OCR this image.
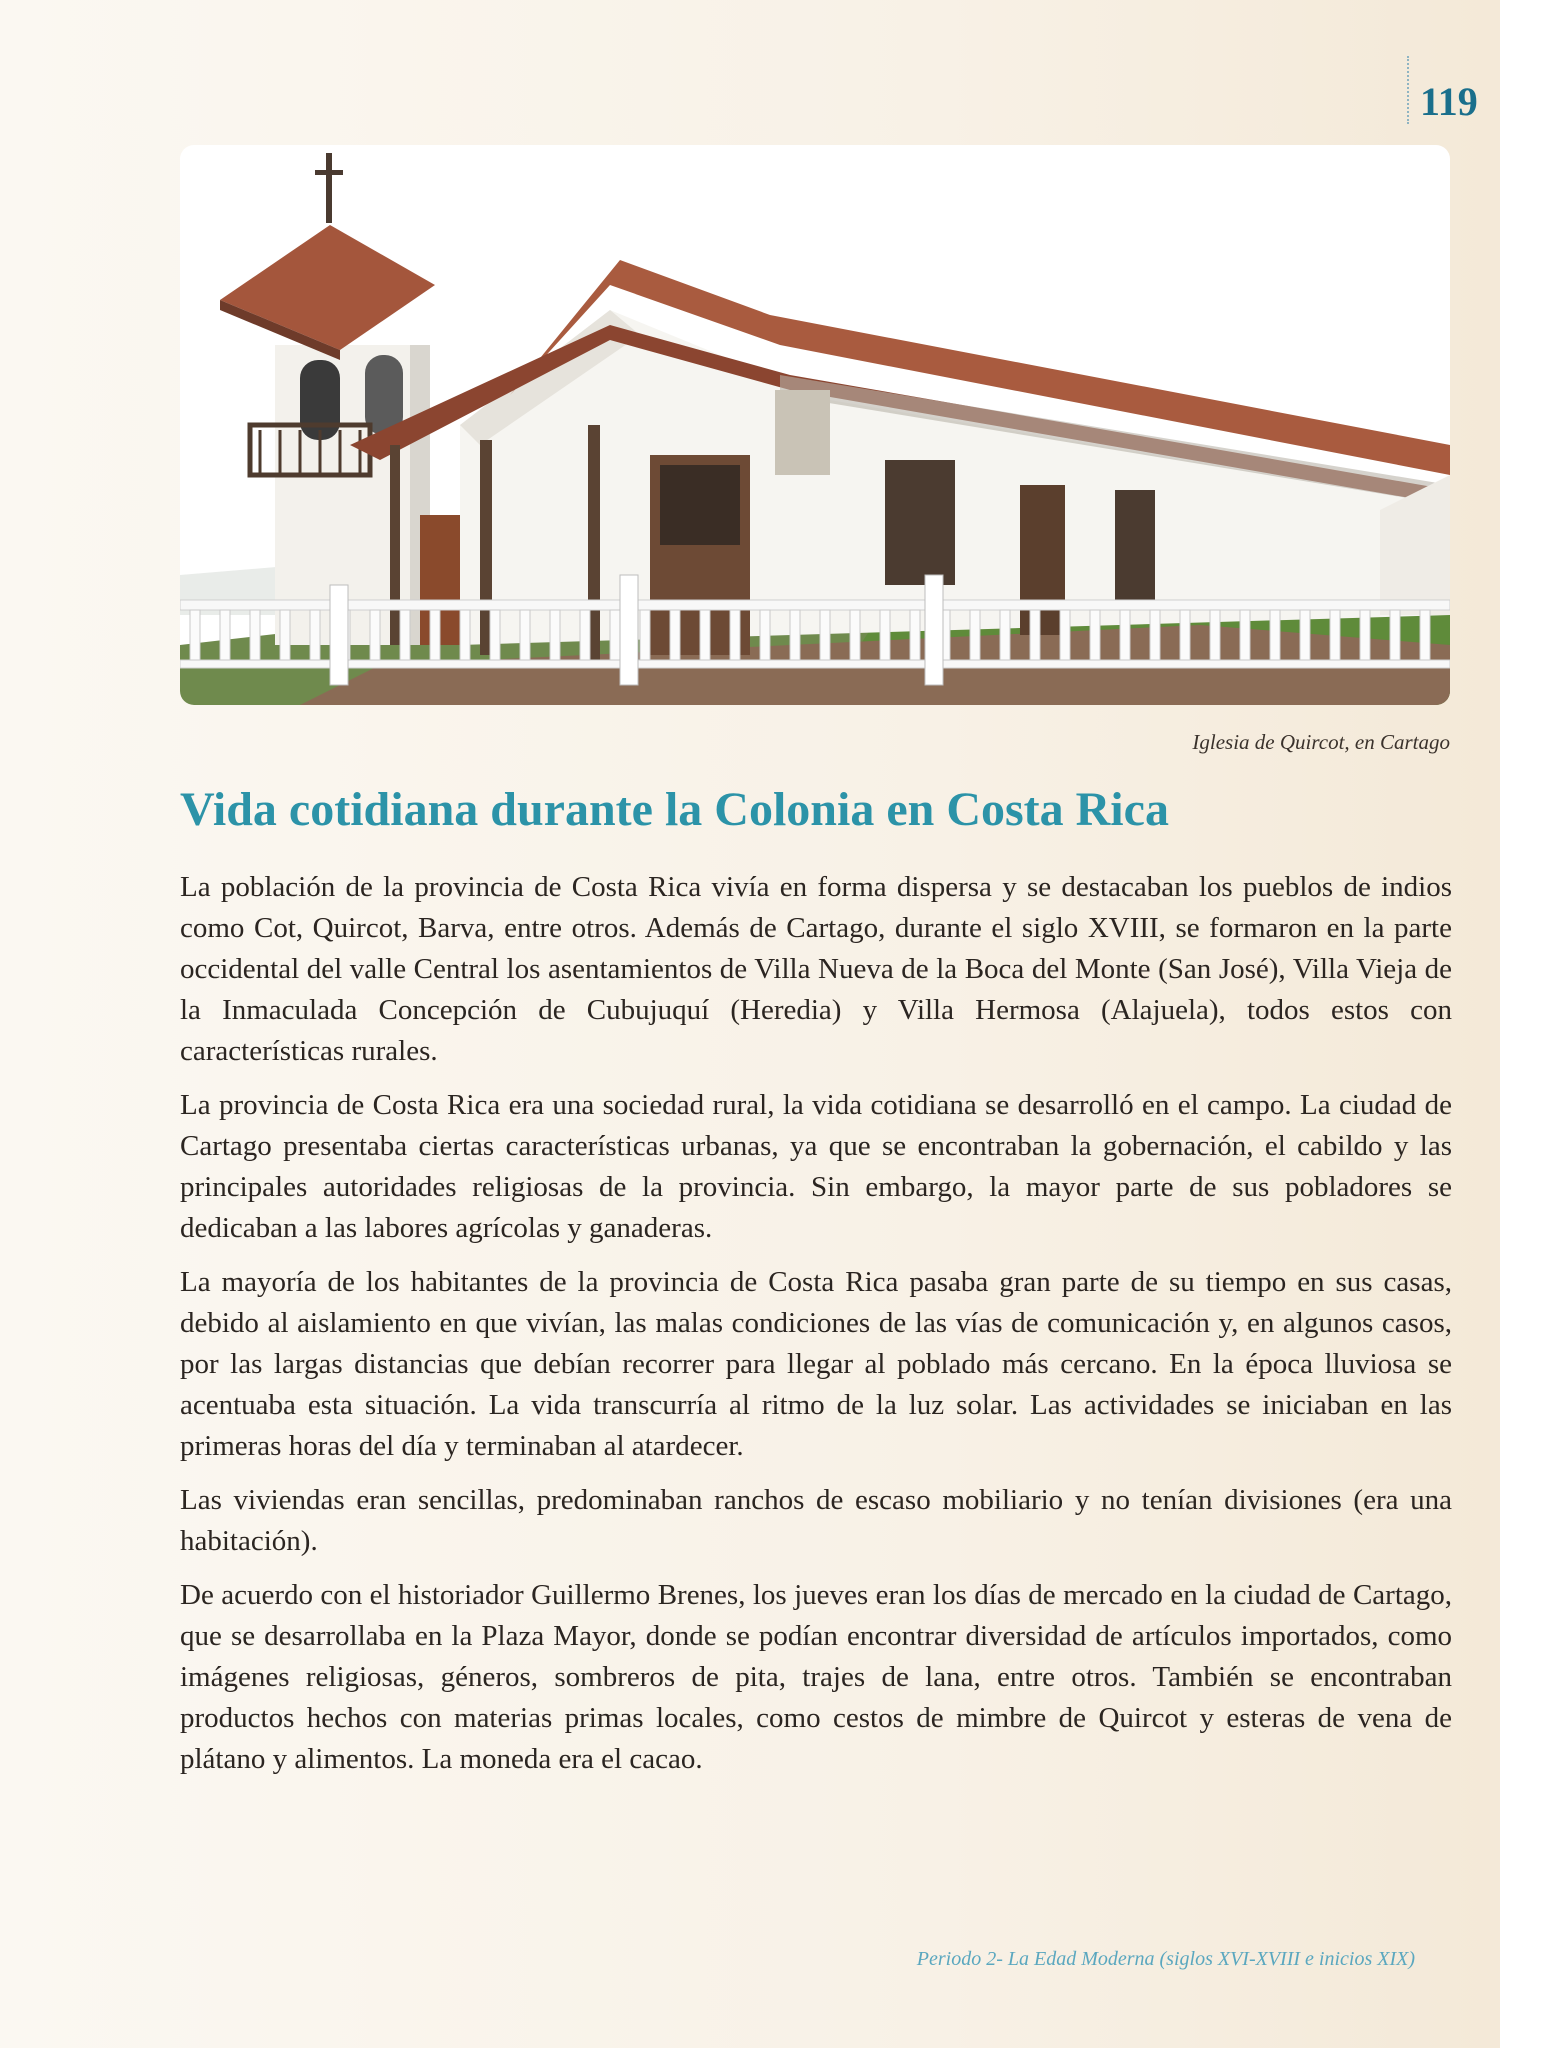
119
Iglesia de Quircot, en Cartago
Vida cotidiana durante la Colonia en Costa Rica

La población de la provincia de Costa Rica vivía en forma dispersa y se destacaban los pueblos de indios como Cot, Quircot, Barva, entre otros. Además de Cartago, durante el siglo XVIII, se formaron en la parte occidental del valle Central los asentamientos de Villa Nueva de la Boca del Monte (San José), Villa Vieja de la Inmaculada Concepción de Cubujuquí (Heredia) y Villa Hermosa (Alajuela), todos estos con características rurales.

La provincia de Costa Rica era una sociedad rural, la vida cotidiana se desarrolló en el campo. La ciudad de Cartago presentaba ciertas características urbanas, ya que se encontraban la gobernación, el cabildo y las principales autoridades religiosas de la provincia. Sin embargo, la mayor parte de sus pobladores se dedicaban a las labores agrícolas y ganaderas.

La mayoría de los habitantes de la provincia de Costa Rica pasaba gran parte de su tiempo en sus casas, debido al aislamiento en que vivían, las malas condiciones de las vías de comunicación y, en algunos casos, por las largas distancias que debían recorrer para llegar al poblado más cercano. En la época lluviosa se acentuaba esta situación. La vida transcurría al ritmo de la luz solar. Las actividades se iniciaban en las primeras horas del día y terminaban al atardecer.

Las viviendas eran sencillas, predominaban ranchos de escaso mobiliario y no tenían divisiones (era una habitación).

De acuerdo con el historiador Guillermo Brenes, los jueves eran los días de mercado en la ciudad de Cartago, que se desarrollaba en la Plaza Mayor, donde se podían encontrar diversidad de artículos importados, como imágenes religiosas, géneros, sombreros de pita, trajes de lana, entre otros. También se encontraban productos hechos con materias primas locales, como cestos de mimbre de Quircot y esteras de vena de plátano y alimentos. La moneda era el cacao.

Periodo 2- La Edad Moderna (siglos XVI-XVIII e inicios XIX)
